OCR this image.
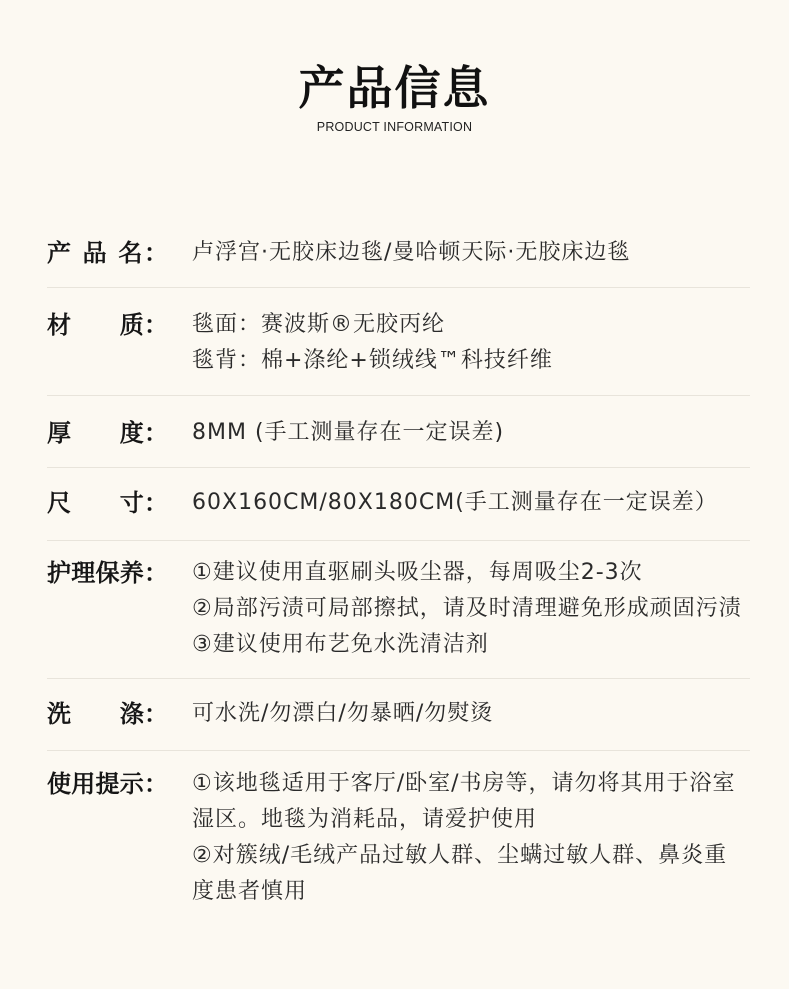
产品信息
PRODUCT INFORMATION
产 品 名： 卢浮宫·无胶床边毯/曼哈顿天际·无胶床边毯
材　　质： 毯面：赛波斯®无胶丙纶
毯背：棉+涤纶+锁绒线™科技纤维
厚　　度： 8MM (手工测量存在一定误差)
尺　　寸： 60X160CM/80X180CM(手工测量存在一定误差）
护理保养： ①建议使用直驱刷头吸尘器，每周吸尘2-3次
②局部污渍可局部擦拭，请及时清理避免形成顽固污渍
③建议使用布艺免水洗清洁剂
洗　　涤： 可水洗/勿漂白/勿暴晒/勿熨烫
使用提示： ①该地毯适用于客厅/卧室/书房等，请勿将其用于浴室
湿区。地毯为消耗品，请爱护使用
②对簇绒/毛绒产品过敏人群、尘螨过敏人群、鼻炎重
度患者慎用
